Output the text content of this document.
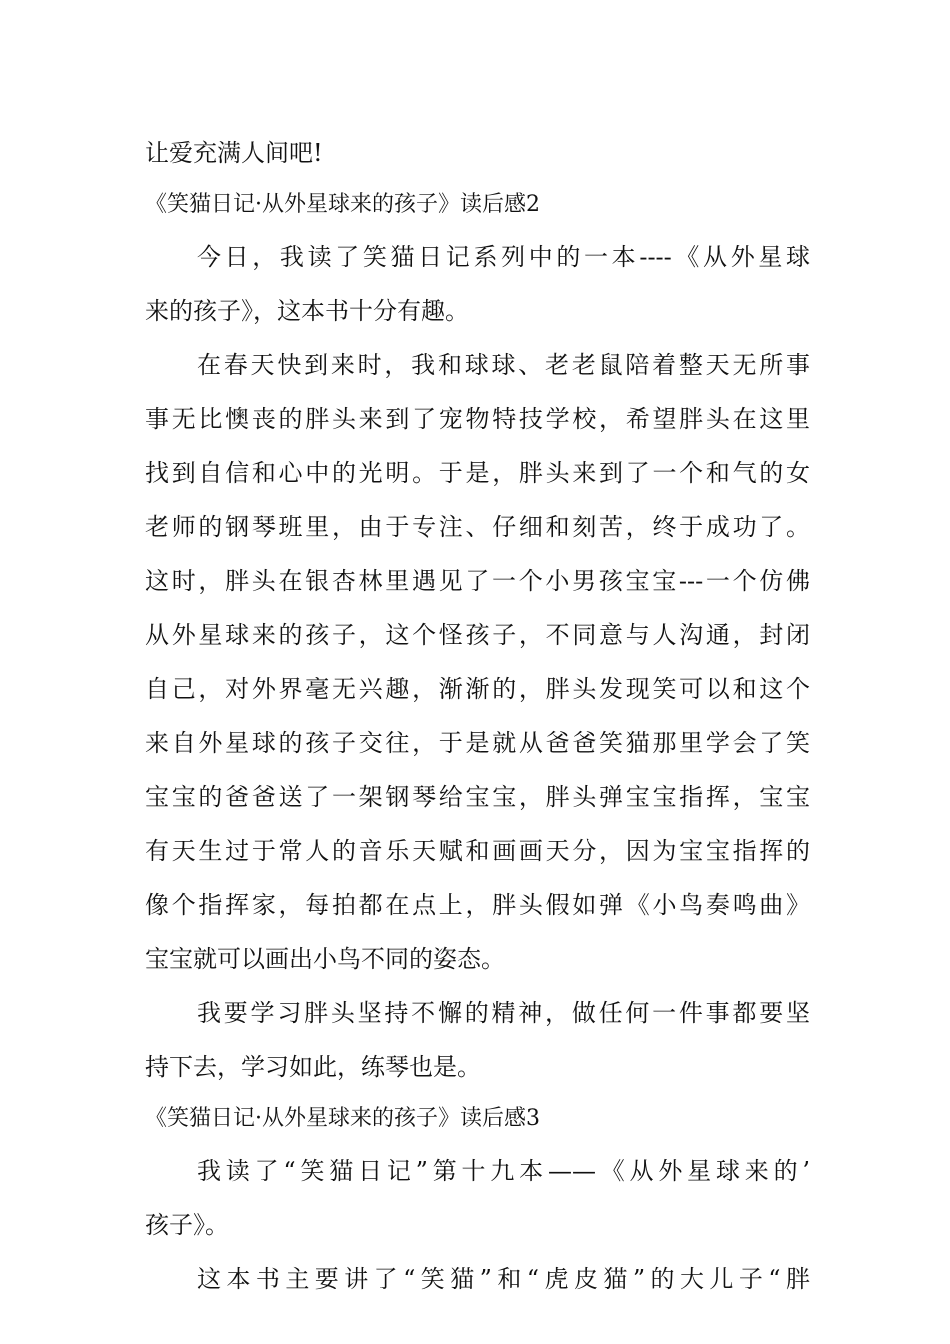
让爱充满人间吧!
《笑猫日记·从外星球来的孩子》读后感2
今日，我读了笑猫日记系列中的一本----《从外星球
来的孩子》，这本书十分有趣。
在春天快到来时，我和球球、老老鼠陪着整天无所事
事无比懊丧的胖头来到了宠物特技学校，希望胖头在这里
找到自信和心中的光明。于是，胖头来到了一个和气的女
老师的钢琴班里，由于专注、仔细和刻苦，终于成功了。
这时，胖头在银杏林里遇见了一个小男孩宝宝---一个仿佛
从外星球来的孩子，这个怪孩子，不同意与人沟通，封闭
自己，对外界毫无兴趣，渐渐的，胖头发现笑可以和这个
来自外星球的孩子交往，于是就从爸爸笑猫那里学会了笑
宝宝的爸爸送了一架钢琴给宝宝，胖头弹宝宝指挥，宝宝
有天生过于常人的音乐天赋和画画天分，因为宝宝指挥的
像个指挥家，每拍都在点上，胖头假如弹《小鸟奏鸣曲》
宝宝就可以画出小鸟不同的姿态。
我要学习胖头坚持不懈的精神，做任何一件事都要坚
持下去，学习如此，练琴也是。
《笑猫日记·从外星球来的孩子》读后感3
我读了“笑猫日记”第十九本——《从外星球来的’
孩子》。
这本书主要讲了“笑猫”和“虎皮猫”的大儿子“胖
